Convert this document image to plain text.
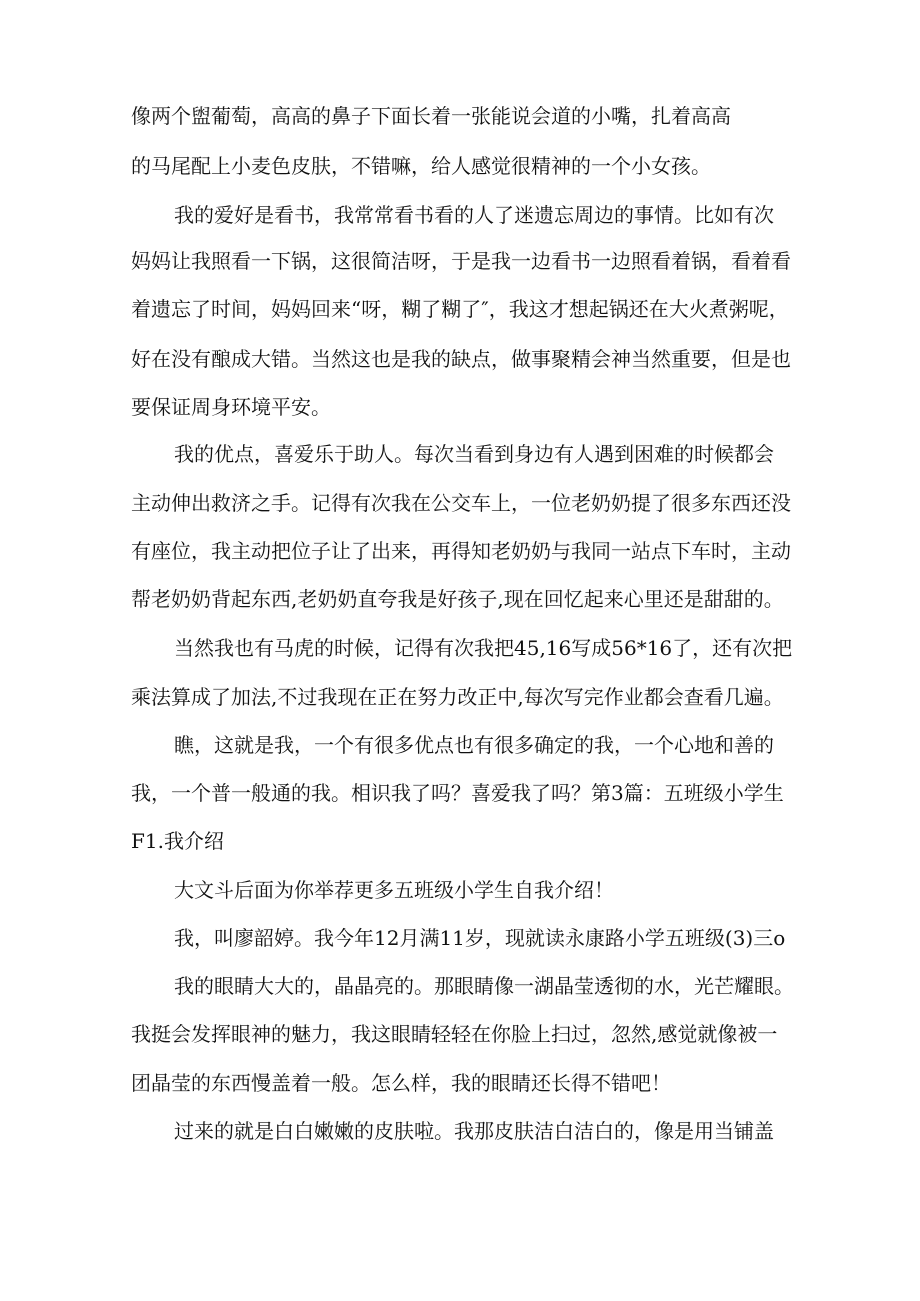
像两个盥葡萄，高高的鼻子下面长着一张能说会道的小嘴，扎着高高
的马尾配上小麦色皮肤，不错嘛，给人感觉很精神的一个小女孩。
我的爱好是看书，我常常看书看的人了迷遗忘周边的事情。比如有次
妈妈让我照看一下锅，这很简洁呀，于是我一边看书一边照看着锅，看着看
着遗忘了时间，妈妈回来“呀，糊了糊了″，我这才想起锅还在大火煮粥呢，
好在没有酿成大错。当然这也是我的缺点，做事聚精会神当然重要，但是也
要保证周身环境平安。
我的优点，喜爱乐于助人。每次当看到身边有人遇到困难的时候都会
主动伸出救济之手。记得有次我在公交车上，一位老奶奶提了很多东西还没
有座位，我主动把位子让了出来，再得知老奶奶与我同一站点下车时，主动
帮老奶奶背起东西,老奶奶直夸我是好孩子,现在回忆起来心里还是甜甜的。
当然我也有马虎的时候，记得有次我把45,16写成56*16了，还有次把
乘法算成了加法,不过我现在正在努力改正中,每次写完作业都会查看几遍。
瞧，这就是我，一个有很多优点也有很多确定的我，一个心地和善的
我，一个普一般通的我。相识我了吗？喜爱我了吗？第3篇：五班级小学生
F1.我介绍
大文斗后面为你举荐更多五班级小学生自我介绍！
我，叫廖韶婷。我今年12月满11岁，现就读永康路小学五班级(3)三o
我的眼睛大大的，晶晶亮的。那眼睛像一湖晶莹透彻的水，光芒耀眼。
我挺会发挥眼神的魅力，我这眼睛轻轻在你脸上扫过，忽然,感觉就像被一
团晶莹的东西慢盖着一般。怎么样，我的眼睛还长得不错吧！
过来的就是白白嫩嫩的皮肤啦。我那皮肤洁白洁白的，像是用当铺盖
